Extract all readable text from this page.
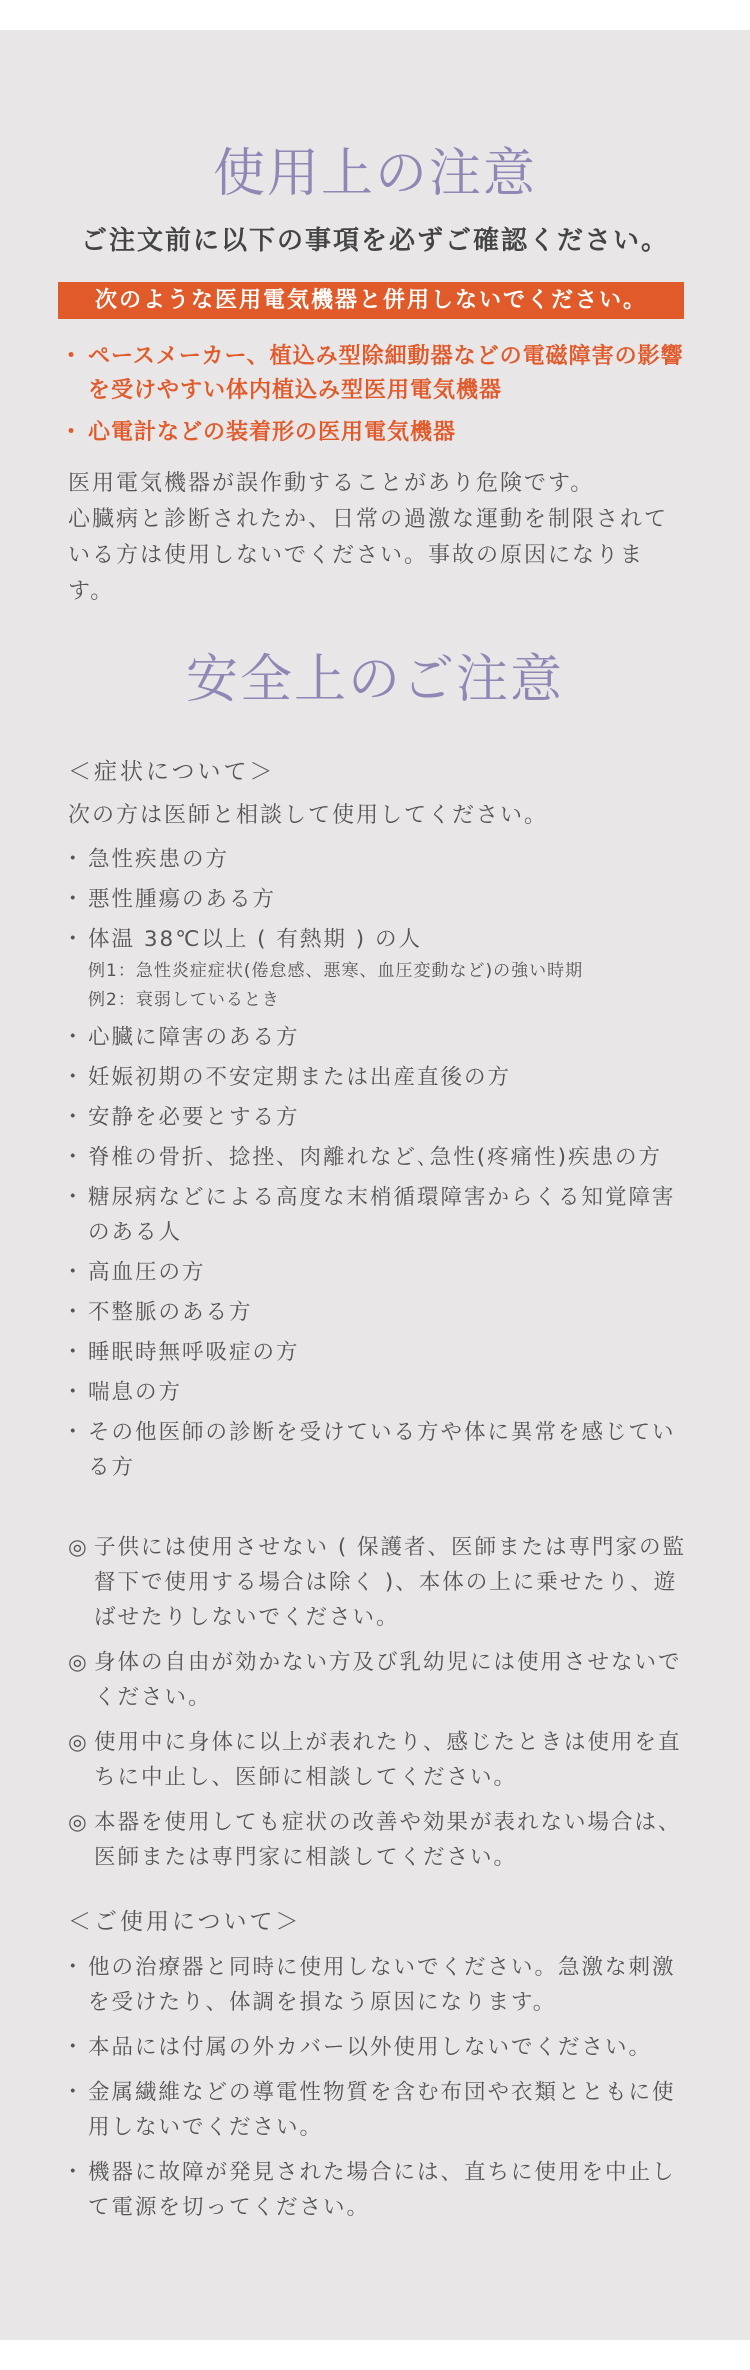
使用上の注意
ご注文前に以下の事項を必ずご確認ください。
次のような医用電気機器と併用しないでください。
・ ペースメーカー、植込み型除細動器などの電磁障害の影響を受けやすい体内植込み型医用電気機器
・ 心電計などの装着形の医用電気機器

医用電気機器が誤作動することがあり危険です。

心臓病と診断されたか、日常の過激な運動を制限されている方は使用しないでください。事故の原因になります。

安全上のご注意
＜症状について＞

次の方は医師と相談して使用してください。

・ 急性疾患の方
・ 悪性腫瘍のある方
・ 体温 38℃以上 ( 有熱期 ) の人
例1：急性炎症症状(倦怠感、悪寒、血圧変動など)の強い時期
例2：衰弱しているとき
・ 心臓に障害のある方
・ 妊娠初期の不安定期または出産直後の方
・ 安静を必要とする方
・ 脊椎の骨折、捻挫、肉離れなど､急性(疼痛性)疾患の方
・ 糖尿病などによる高度な末梢循環障害からくる知覚障害のある人
・ 高血圧の方
・ 不整脈のある方
・ 睡眠時無呼吸症の方
・ 喘息の方
・ その他医師の診断を受けている方や体に異常を感じている方
◎ 子供には使用させない ( 保護者、医師または専門家の監督下で使用する場合は除く )、本体の上に乗せたり、遊ばせたりしないでください。
◎ 身体の自由が効かない方及び乳幼児には使用させないでください。
◎ 使用中に身体に以上が表れたり、感じたときは使用を直ちに中止し、医師に相談してください。
◎ 本器を使用しても症状の改善や効果が表れない場合は、医師または専門家に相談してください。
＜ご使用について＞
・ 他の治療器と同時に使用しないでください。急激な刺激を受けたり、体調を損なう原因になります。
・ 本品には付属の外カバー以外使用しないでください。
・ 金属繊維などの導電性物質を含む布団や衣類とともに使用しないでください。
・ 機器に故障が発見された場合には、直ちに使用を中止して電源を切ってください。
